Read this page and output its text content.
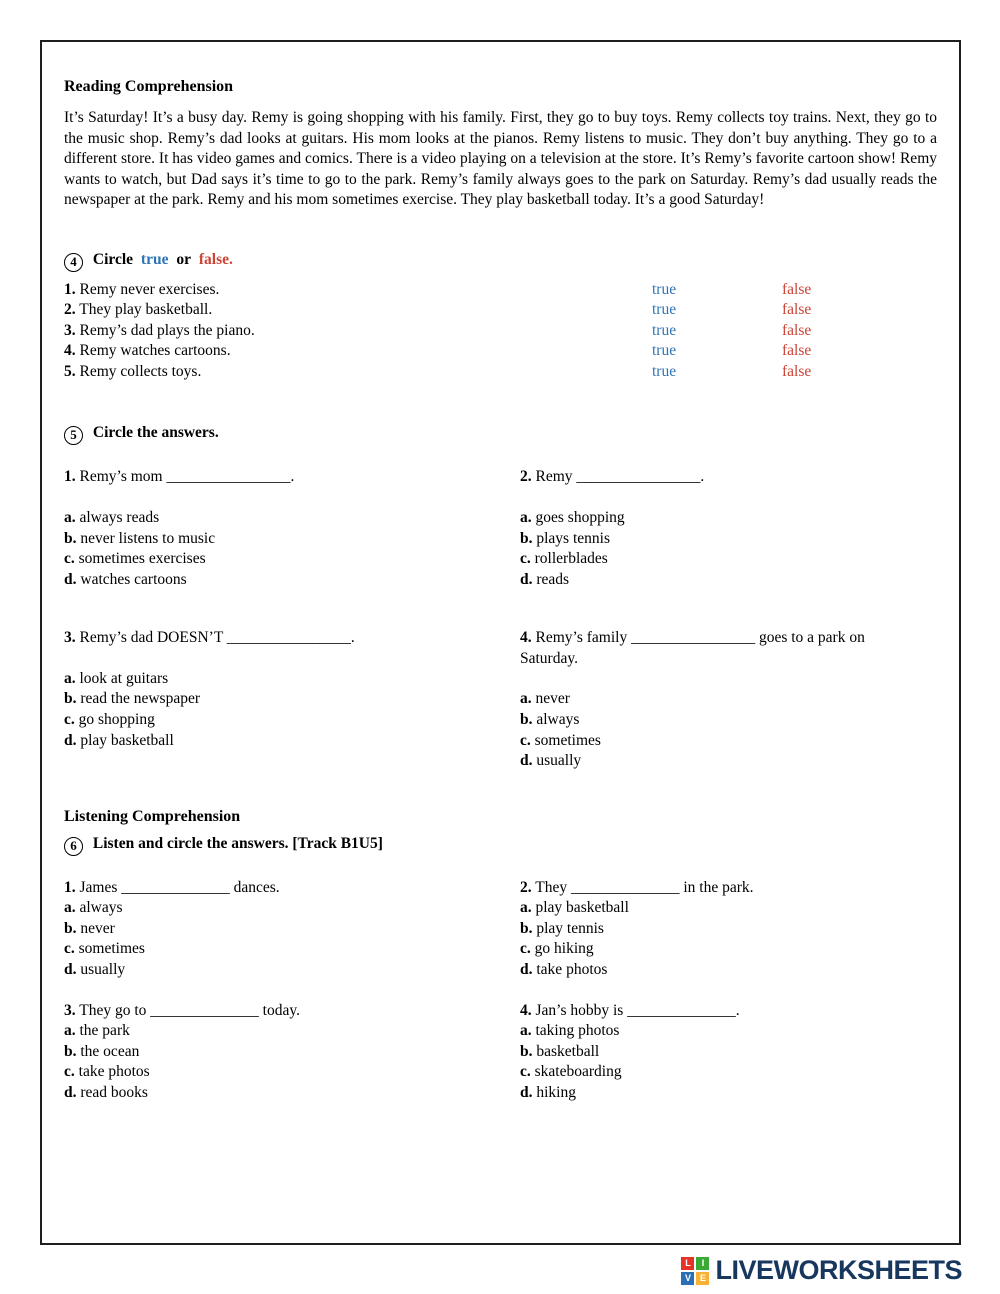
Reading Comprehension

It’s Saturday! It’s a busy day. Remy is going shopping with his family. First, they go to buy toys. Remy collects toy trains. Next, they go to the music shop. Remy’s dad looks at guitars. His mom looks at the pianos. Remy listens to music. They don’t buy anything. They go to a different store. It has video games and comics. There is a video playing on a television at the store. It’s Remy’s favorite cartoon show! Remy wants to watch, but Dad says it’s time to go to the park. Remy’s family always goes to the park on Saturday. Remy’s dad usually reads the newspaper at the park. Remy and his mom sometimes exercise. They play basketball today. It’s a good Saturday!

4 Circle true or false.
1. Remy never exercises.	true	false
2. They play basketball.	true	false
3. Remy’s dad plays the piano.	true	false
4. Remy watches cartoons.	true	false
5. Remy collects toys.	true	false
5 Circle the answers.

1. Remy’s mom ________________.

a. always reads

b. never listens to music

c. sometimes exercises

d. watches cartoons

2. Remy ________________.

a. goes shopping

b. plays tennis

c. rollerblades

d. reads

3. Remy’s dad DOESN’T ________________.

a. look at guitars

b. read the newspaper

c. go shopping

d. play basketball

4. Remy’s family ________________ goes to a park on Saturday.

a. never

b. always

c. sometimes

d. usually

Listening Comprehension
6 Listen and circle the answers. [Track B1U5]

1. James ______________ dances.

a. always

b. never

c. sometimes

d. usually

2. They ______________ in the park.

a. play basketball

b. play tennis

c. go hiking

d. take photos

3. They go to ______________ today.

a. the park

b. the ocean

c. take photos

d. read books

4. Jan’s hobby is ______________.

a. taking photos

b. basketball

c. skateboarding

d. hiking

L	I
V E LIVEWORKSHEETS
